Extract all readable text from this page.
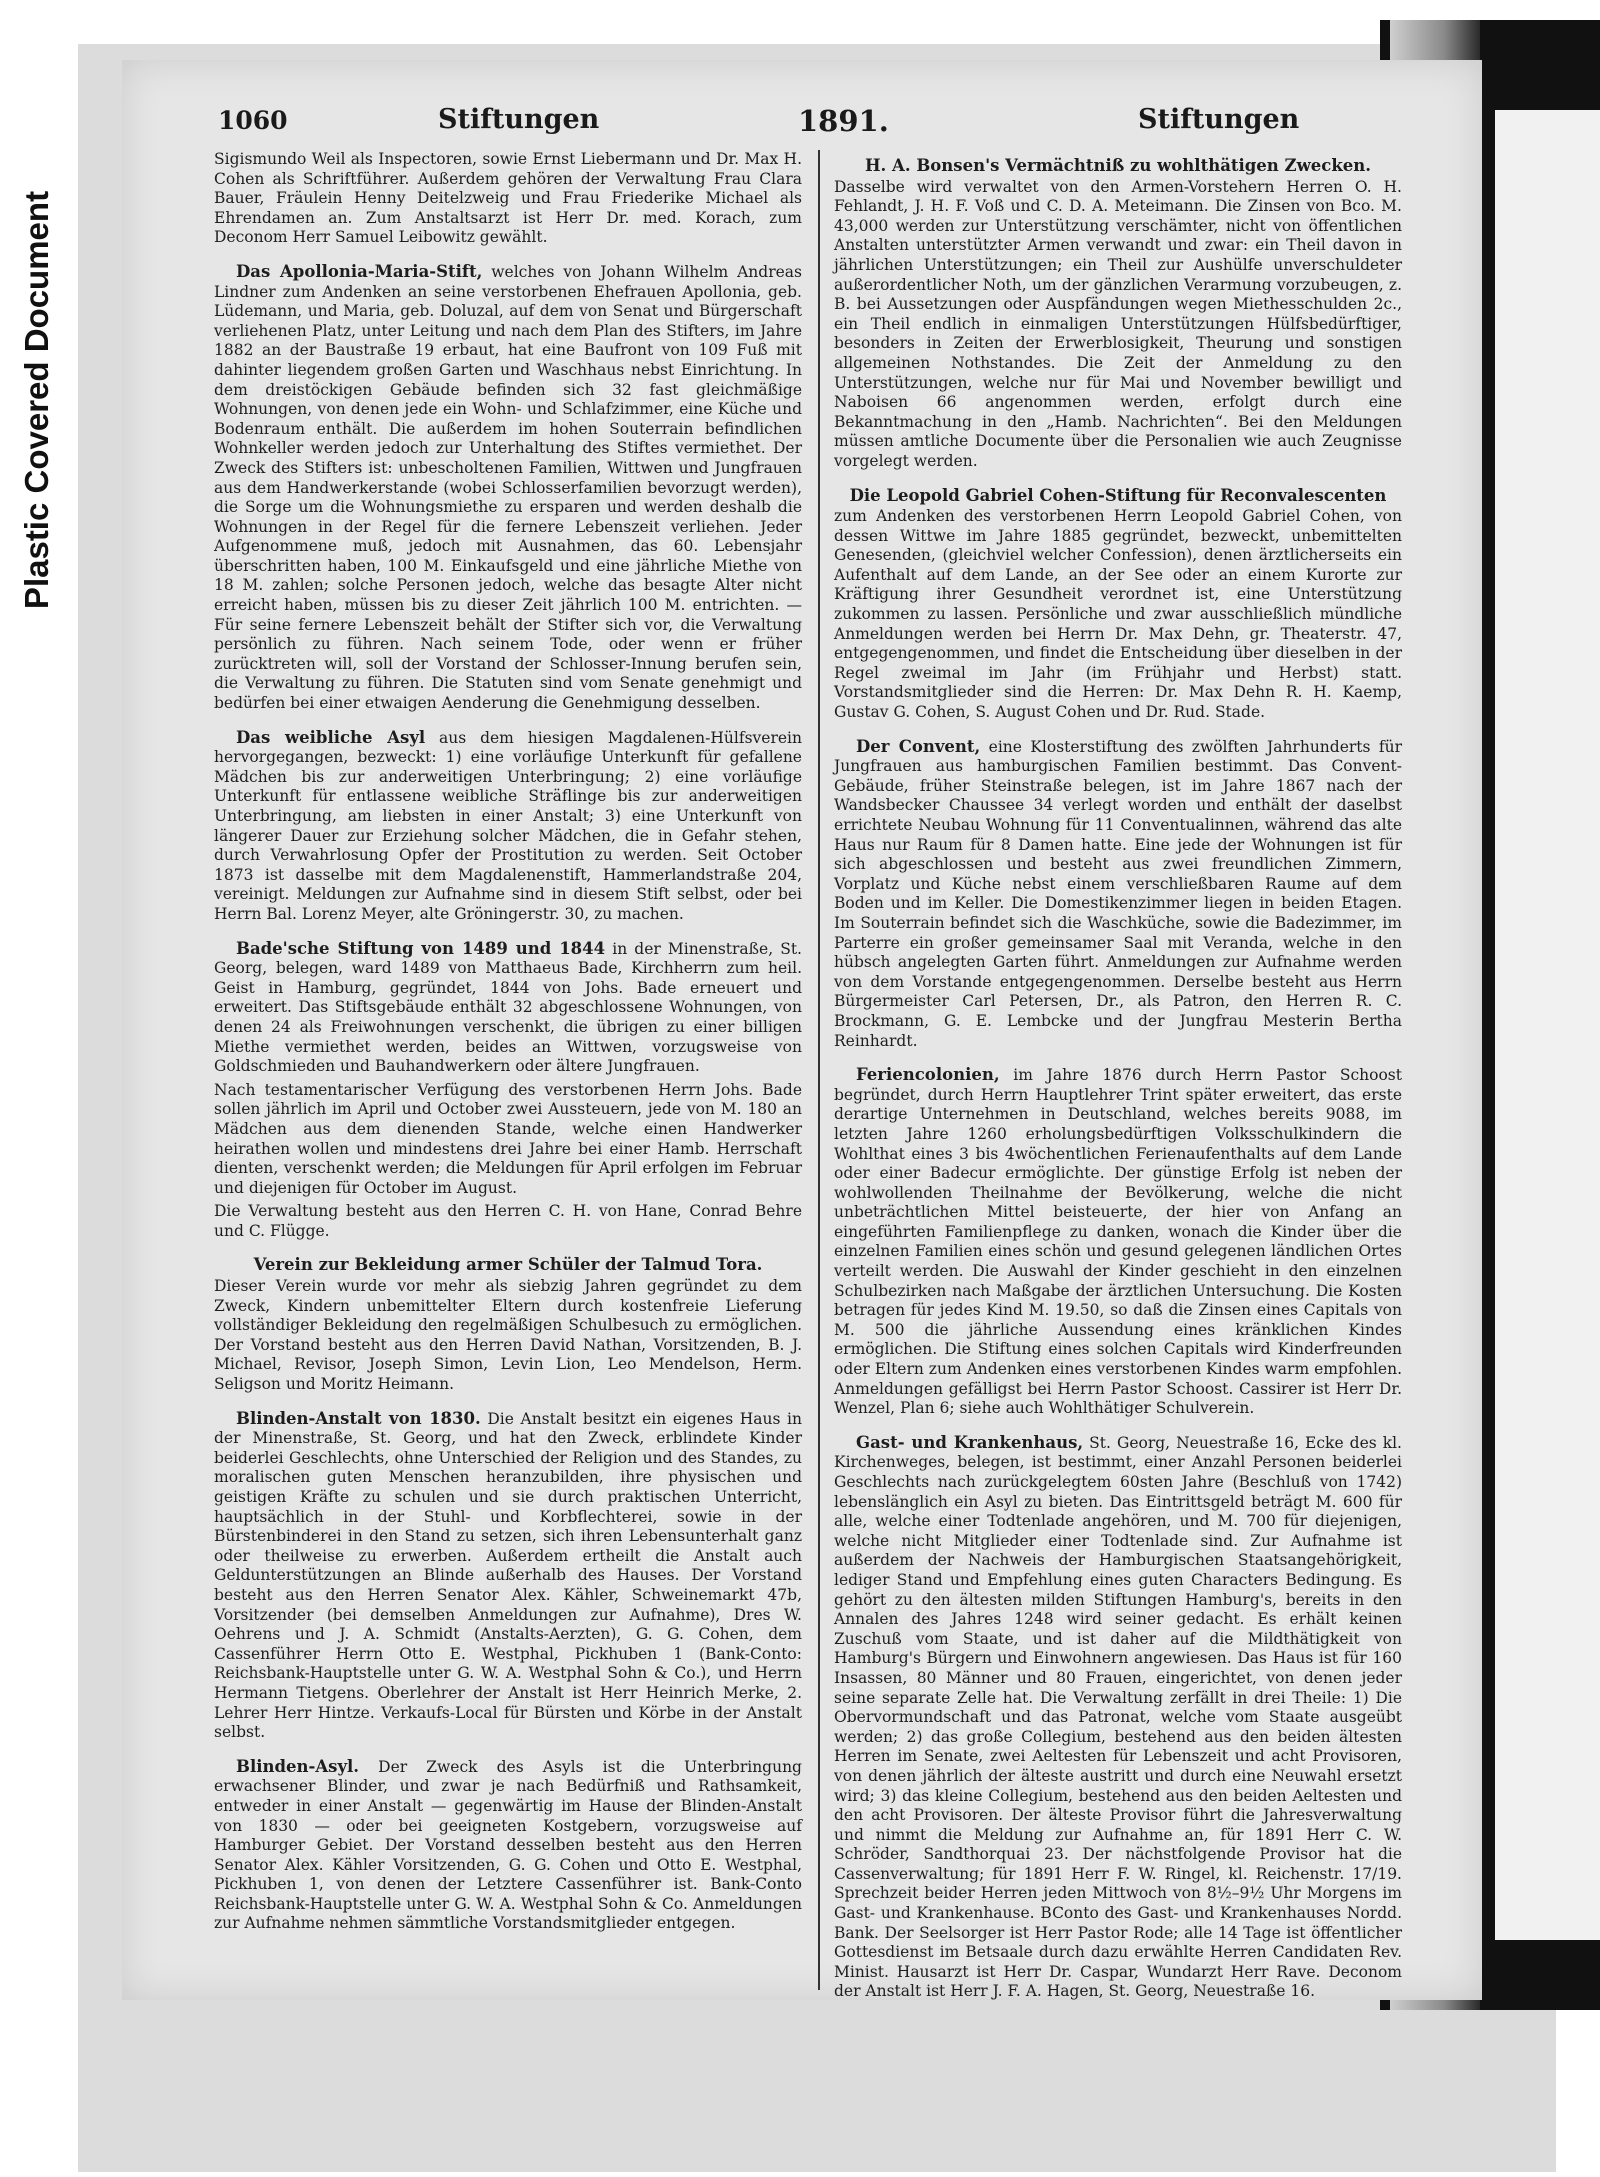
Plastic Covered Document
1060	Stiftungen	1891.	Stiftungen

Sigismundo Weil als Inspectoren, sowie Ernst Liebermann und Dr. Max H. Cohen als Schriftführer. Außerdem gehören der Verwaltung Frau Clara Bauer, Fräulein Henny Deitelzweig und Frau Friederike Michael als Ehrendamen an. Zum Anstaltsarzt ist Herr Dr. med. Korach, zum Deconom Herr Samuel Leibowitz gewählt.

Das Apollonia-Maria-Stift, welches von Johann Wilhelm Andreas Lindner zum Andenken an seine verstorbenen Ehefrauen Apollonia, geb. Lüdemann, und Maria, geb. Doluzal, auf dem von Senat und Bürgerschaft verliehenen Platz, unter Leitung und nach dem Plan des Stifters, im Jahre 1882 an der Baustraße 19 erbaut, hat eine Baufront von 109 Fuß mit dahinter liegendem großen Garten und Waschhaus nebst Einrichtung. In dem dreistöckigen Gebäude befinden sich 32 fast gleichmäßige Wohnungen, von denen jede ein Wohn- und Schlafzimmer, eine Küche und Bodenraum enthält. Die außerdem im hohen Souterrain befindlichen Wohnkeller werden jedoch zur Unterhaltung des Stiftes vermiethet. Der Zweck des Stifters ist: unbescholtenen Familien, Wittwen und Jungfrauen aus dem Handwerkerstande (wobei Schlosserfamilien bevorzugt werden), die Sorge um die Wohnungsmiethe zu ersparen und werden deshalb die Wohnungen in der Regel für die fernere Lebenszeit verliehen. Jeder Aufgenommene muß, jedoch mit Ausnahmen, das 60. Lebensjahr überschritten haben, 100 M. Einkaufsgeld und eine jährliche Miethe von 18 M. zahlen; solche Personen jedoch, welche das besagte Alter nicht erreicht haben, müssen bis zu dieser Zeit jährlich 100 M. entrichten. — Für seine fernere Lebenszeit behält der Stifter sich vor, die Verwaltung persönlich zu führen. Nach seinem Tode, oder wenn er früher zurücktreten will, soll der Vorstand der Schlosser-Innung berufen sein, die Verwaltung zu führen. Die Statuten sind vom Senate genehmigt und bedürfen bei einer etwaigen Aenderung die Genehmigung desselben.

Das weibliche Asyl aus dem hiesigen Magdalenen-Hülfsverein hervorgegangen, bezweckt: 1) eine vorläufige Unterkunft für gefallene Mädchen bis zur anderweitigen Unterbringung; 2) eine vorläufige Unterkunft für entlassene weibliche Sträflinge bis zur anderweitigen Unterbringung, am liebsten in einer Anstalt; 3) eine Unterkunft von längerer Dauer zur Erziehung solcher Mädchen, die in Gefahr stehen, durch Verwahrlosung Opfer der Prostitution zu werden. Seit October 1873 ist dasselbe mit dem Magdalenenstift, Hammerlandstraße 204, vereinigt. Meldungen zur Aufnahme sind in diesem Stift selbst, oder bei Herrn Bal. Lorenz Meyer, alte Gröningerstr. 30, zu machen.

Bade'sche Stiftung von 1489 und 1844 in der Minenstraße, St. Georg, belegen, ward 1489 von Matthaeus Bade, Kirchherrn zum heil. Geist in Hamburg, gegründet, 1844 von Johs. Bade erneuert und erweitert. Das Stiftsgebäude enthält 32 abgeschlossene Wohnungen, von denen 24 als Freiwohnungen verschenkt, die übrigen zu einer billigen Miethe vermiethet werden, beides an Wittwen, vorzugsweise von Goldschmieden und Bauhandwerkern oder ältere Jungfrauen.

Nach testamentarischer Verfügung des verstorbenen Herrn Johs. Bade sollen jährlich im April und October zwei Aussteuern, jede von M. 180 an Mädchen aus dem dienenden Stande, welche einen Handwerker heirathen wollen und mindestens drei Jahre bei einer Hamb. Herrschaft dienten, verschenkt werden; die Meldungen für April erfolgen im Februar und diejenigen für October im August.

Die Verwaltung besteht aus den Herren C. H. von Hane, Conrad Behre und C. Flügge.

Verein zur Bekleidung armer Schüler der Talmud Tora.

Dieser Verein wurde vor mehr als siebzig Jahren gegründet zu dem Zweck, Kindern unbemittelter Eltern durch kostenfreie Lieferung vollständiger Bekleidung den regelmäßigen Schulbesuch zu ermöglichen. Der Vorstand besteht aus den Herren David Nathan, Vorsitzenden, B. J. Michael, Revisor, Joseph Simon, Levin Lion, Leo Mendelson, Herm. Seligson und Moritz Heimann.

Blinden-Anstalt von 1830. Die Anstalt besitzt ein eigenes Haus in der Minenstraße, St. Georg, und hat den Zweck, erblindete Kinder beiderlei Geschlechts, ohne Unterschied der Religion und des Standes, zu moralischen guten Menschen heranzubilden, ihre physischen und geistigen Kräfte zu schulen und sie durch praktischen Unterricht, hauptsächlich in der Stuhl- und Korbflechterei, sowie in der Bürstenbinderei in den Stand zu setzen, sich ihren Lebensunterhalt ganz oder theilweise zu erwerben. Außerdem ertheilt die Anstalt auch Geldunterstützungen an Blinde außerhalb des Hauses. Der Vorstand besteht aus den Herren Senator Alex. Kähler, Schweinemarkt 47b, Vorsitzender (bei demselben Anmeldungen zur Aufnahme), Dres W. Oehrens und J. A. Schmidt (Anstalts-Aerzten), G. G. Cohen, dem Cassenführer Herrn Otto E. Westphal, Pickhuben 1 (Bank-Conto: Reichsbank-Hauptstelle unter G. W. A. Westphal Sohn & Co.), und Herrn Hermann Tietgens. Oberlehrer der Anstalt ist Herr Heinrich Merke, 2. Lehrer Herr Hintze. Verkaufs-Local für Bürsten und Körbe in der Anstalt selbst.

Blinden-Asyl. Der Zweck des Asyls ist die Unterbringung erwachsener Blinder, und zwar je nach Bedürfniß und Rathsamkeit, entweder in einer Anstalt — gegenwärtig im Hause der Blinden-Anstalt von 1830 — oder bei geeigneten Kostgebern, vorzugsweise auf Hamburger Gebiet. Der Vorstand desselben besteht aus den Herren Senator Alex. Kähler Vorsitzenden, G. G. Cohen und Otto E. Westphal, Pickhuben 1, von denen der Letztere Cassenführer ist. Bank-Conto Reichsbank-Hauptstelle unter G. W. A. Westphal Sohn & Co. Anmeldungen zur Aufnahme nehmen sämmtliche Vorstandsmitglieder entgegen.

H. A. Bonsen's Vermächtniß zu wohlthätigen Zwecken.

Dasselbe wird verwaltet von den Armen-Vorstehern Herren O. H. Fehlandt, J. H. F. Voß und C. D. A. Meteimann. Die Zinsen von Bco. M. 43,000 werden zur Unterstützung verschämter, nicht von öffentlichen Anstalten unterstützter Armen verwandt und zwar: ein Theil davon in jährlichen Unterstützungen; ein Theil zur Aushülfe unverschuldeter außerordentlicher Noth, um der gänzlichen Verarmung vorzubeugen, z. B. bei Aussetzungen oder Auspfändungen wegen Miethesschulden 2c., ein Theil endlich in einmaligen Unterstützungen Hülfsbedürftiger, besonders in Zeiten der Erwerblosigkeit, Theurung und sonstigen allgemeinen Nothstandes. Die Zeit der Anmeldung zu den Unterstützungen, welche nur für Mai und November bewilligt und Naboisen 66 angenommen werden, erfolgt durch eine Bekanntmachung in den „Hamb. Nachrichten“. Bei den Meldungen müssen amtliche Documente über die Personalien wie auch Zeugnisse vorgelegt werden.

Die Leopold Gabriel Cohen-Stiftung für Reconvalescenten

zum Andenken des verstorbenen Herrn Leopold Gabriel Cohen, von dessen Wittwe im Jahre 1885 gegründet, bezweckt, unbemittelten Genesenden, (gleichviel welcher Confession), denen ärztlicherseits ein Aufenthalt auf dem Lande, an der See oder an einem Kurorte zur Kräftigung ihrer Gesundheit verordnet ist, eine Unterstützung zukommen zu lassen. Persönliche und zwar ausschließlich mündliche Anmeldungen werden bei Herrn Dr. Max Dehn, gr. Theaterstr. 47, entgegengenommen, und findet die Entscheidung über dieselben in der Regel zweimal im Jahr (im Frühjahr und Herbst) statt. Vorstandsmitglieder sind die Herren: Dr. Max Dehn R. H. Kaemp, Gustav G. Cohen, S. August Cohen und Dr. Rud. Stade.

Der Convent, eine Klosterstiftung des zwölften Jahrhunderts für Jungfrauen aus hamburgischen Familien bestimmt. Das Convent-Gebäude, früher Steinstraße belegen, ist im Jahre 1867 nach der Wandsbecker Chaussee 34 verlegt worden und enthält der daselbst errichtete Neubau Wohnung für 11 Conventualinnen, während das alte Haus nur Raum für 8 Damen hatte. Eine jede der Wohnungen ist für sich abgeschlossen und besteht aus zwei freundlichen Zimmern, Vorplatz und Küche nebst einem verschließbaren Raume auf dem Boden und im Keller. Die Domestikenzimmer liegen in beiden Etagen. Im Souterrain befindet sich die Waschküche, sowie die Badezimmer, im Parterre ein großer gemeinsamer Saal mit Veranda, welche in den hübsch angelegten Garten führt. Anmeldungen zur Aufnahme werden von dem Vorstande entgegengenommen. Derselbe besteht aus Herrn Bürgermeister Carl Petersen, Dr., als Patron, den Herren R. C. Brockmann, G. E. Lembcke und der Jungfrau Mesterin Bertha Reinhardt.

Feriencolonien, im Jahre 1876 durch Herrn Pastor Schoost begründet, durch Herrn Hauptlehrer Trint später erweitert, das erste derartige Unternehmen in Deutschland, welches bereits 9088, im letzten Jahre 1260 erholungsbedürftigen Volksschulkindern die Wohlthat eines 3 bis 4wöchentlichen Ferienaufenthalts auf dem Lande oder einer Badecur ermöglichte. Der günstige Erfolg ist neben der wohlwollenden Theilnahme der Bevölkerung, welche die nicht unbeträchtlichen Mittel beisteuerte, der hier von Anfang an eingeführten Familienpflege zu danken, wonach die Kinder über die einzelnen Familien eines schön und gesund gelegenen ländlichen Ortes verteilt werden. Die Auswahl der Kinder geschieht in den einzelnen Schulbezirken nach Maßgabe der ärztlichen Untersuchung. Die Kosten betragen für jedes Kind M. 19.50, so daß die Zinsen eines Capitals von M. 500 die jährliche Aussendung eines kränklichen Kindes ermöglichen. Die Stiftung eines solchen Capitals wird Kinderfreunden oder Eltern zum Andenken eines verstorbenen Kindes warm empfohlen. Anmeldungen gefälligst bei Herrn Pastor Schoost. Cassirer ist Herr Dr. Wenzel, Plan 6; siehe auch Wohlthätiger Schulverein.

Gast- und Krankenhaus, St. Georg, Neuestraße 16, Ecke des kl. Kirchenweges, belegen, ist bestimmt, einer Anzahl Personen beiderlei Geschlechts nach zurückgelegtem 60sten Jahre (Beschluß von 1742) lebenslänglich ein Asyl zu bieten. Das Eintrittsgeld beträgt M. 600 für alle, welche einer Todtenlade angehören, und M. 700 für diejenigen, welche nicht Mitglieder einer Todtenlade sind. Zur Aufnahme ist außerdem der Nachweis der Hamburgischen Staatsangehörigkeit, lediger Stand und Empfehlung eines guten Characters Bedingung. Es gehört zu den ältesten milden Stiftungen Hamburg's, bereits in den Annalen des Jahres 1248 wird seiner gedacht. Es erhält keinen Zuschuß vom Staate, und ist daher auf die Mildthätigkeit von Hamburg's Bürgern und Einwohnern angewiesen. Das Haus ist für 160 Insassen, 80 Männer und 80 Frauen, eingerichtet, von denen jeder seine separate Zelle hat. Die Verwaltung zerfällt in drei Theile: 1) Die Obervormundschaft und das Patronat, welche vom Staate ausgeübt werden; 2) das große Collegium, bestehend aus den beiden ältesten Herren im Senate, zwei Aeltesten für Lebenszeit und acht Provisoren, von denen jährlich der älteste austritt und durch eine Neuwahl ersetzt wird; 3) das kleine Collegium, bestehend aus den beiden Aeltesten und den acht Provisoren. Der älteste Provisor führt die Jahresverwaltung und nimmt die Meldung zur Aufnahme an, für 1891 Herr C. W. Schröder, Sandthorquai 23. Der nächstfolgende Provisor hat die Cassenverwaltung; für 1891 Herr F. W. Ringel, kl. Reichenstr. 17/19. Sprechzeit beider Herren jeden Mittwoch von 8½–9½ Uhr Morgens im Gast- und Krankenhause. BConto des Gast- und Krankenhauses Nordd. Bank. Der Seelsorger ist Herr Pastor Rode; alle 14 Tage ist öffentlicher Gottesdienst im Betsaale durch dazu erwählte Herren Candidaten Rev. Minist. Hausarzt ist Herr Dr. Caspar, Wundarzt Herr Rave. Deconom der Anstalt ist Herr J. F. A. Hagen, St. Georg, Neuestraße 16.
